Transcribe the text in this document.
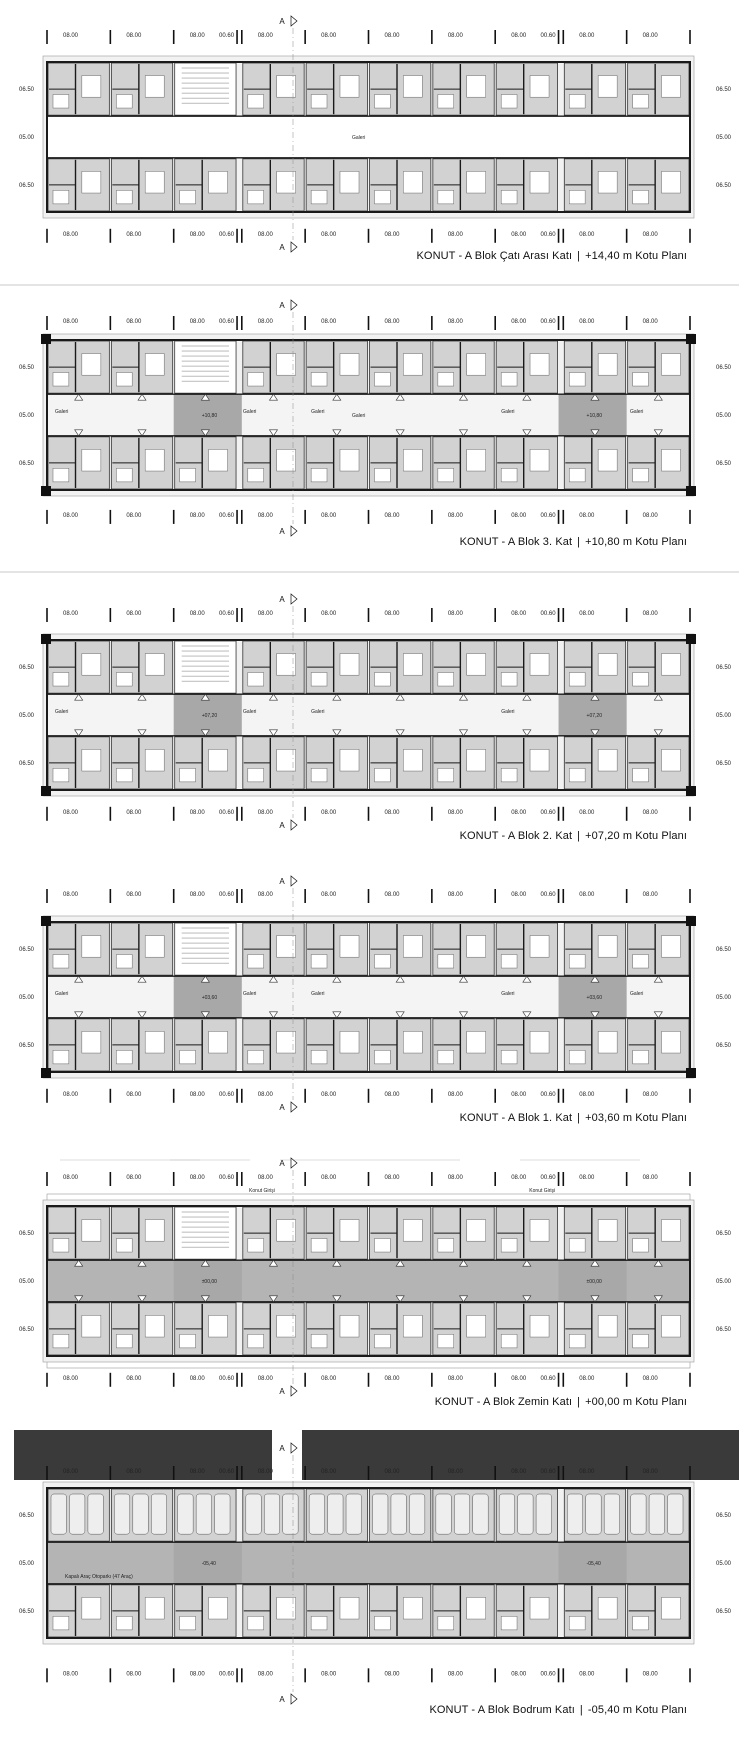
08.00	08.00	08.00	08.00	08.00	08.00	08.00	08.00	08.00	08.00
00.60	00.60
08.00	08.00	08.00	08.00	08.00	08.00	08.00	08.00	08.00	08.00
00.60	00.60
06.50	06.50
05.00	05.00
06.50	06.50
A
A
Galeri
08.00	08.00	08.00	08.00	08.00	08.00	08.00	08.00	08.00	08.00
00.60	00.60
08.00	08.00	08.00	08.00	08.00	08.00	08.00	08.00	08.00	08.00
00.60	00.60
06.50	06.50
05.00	05.00
06.50	06.50
A
A
Galeri
+10,80	+10,80
Galeri	Galeri	Galeri	Galeri	Galeri
08.00	08.00	08.00	08.00	08.00	08.00	08.00	08.00	08.00	08.00
00.60	00.60
08.00	08.00	08.00	08.00	08.00	08.00	08.00	08.00	08.00	08.00
00.60	00.60
06.50	06.50
05.00	05.00
06.50	06.50
A
A
+07,20	+07,20
Galeri	Galeri	Galeri	Galeri
08.00	08.00	08.00	08.00	08.00	08.00	08.00	08.00	08.00	08.00
00.60	00.60
08.00	08.00	08.00	08.00	08.00	08.00	08.00	08.00	08.00	08.00
00.60	00.60
06.50	06.50
05.00	05.00
06.50	06.50
A
A
+03,60	+03,60
Galeri	Galeri	Galeri	Galeri	Galeri
08.00	08.00	08.00	08.00	08.00	08.00	08.00	08.00	08.00	08.00
00.60	00.60
08.00	08.00	08.00	08.00	08.00	08.00	08.00	08.00	08.00	08.00
00.60	00.60
06.50	06.50
05.00	05.00
06.50	06.50
A
A
±00,00	±00,00
Konut Girişi	Konut Girişi
08.00	08.00	08.00	08.00	08.00	08.00	08.00	08.00	08.00	08.00
00.60	00.60
08.00	08.00	08.00	08.00	08.00	08.00	08.00	08.00	08.00	08.00
00.60	00.60
06.50	06.50
05.00	05.00
06.50	06.50
A
A
Kapalı Araç Otoparkı (47 Araç)
-05,40	-05,40
KONUT - A Blok Çatı Arası Katı | +14,40 m Kotu Planı
KONUT - A Blok 3. Kat | +10,80 m Kotu Planı
KONUT - A Blok 2. Kat | +07,20 m Kotu Planı
KONUT - A Blok 1. Kat | +03,60 m Kotu Planı
KONUT - A Blok Zemin Katı | +00,00 m Kotu Planı
KONUT - A Blok Bodrum Katı | -05,40 m Kotu Planı
